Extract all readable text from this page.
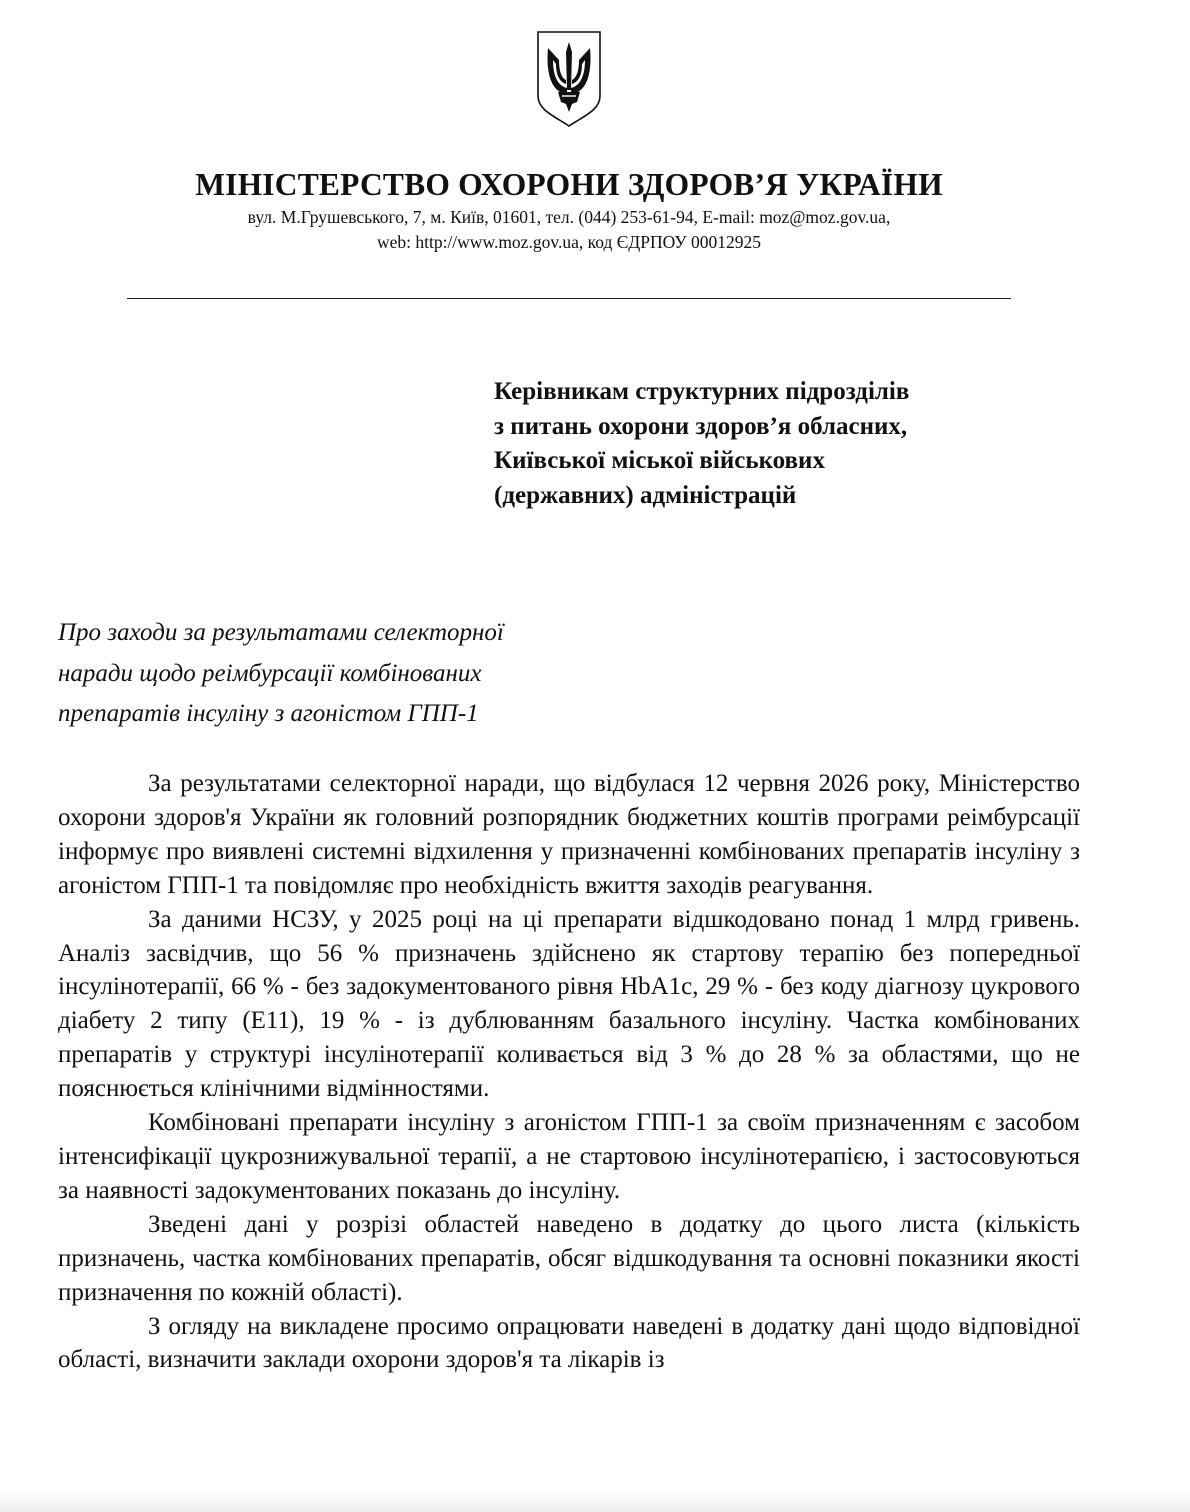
МІНІСТЕРСТВО ОХОРОНИ ЗДОРОВ’Я УКРАЇНИ
вул. М.Грушевського, 7, м. Київ, 01601, тел. (044) 253-61-94, E-mail: moz@moz.gov.ua,
web: http://www.moz.gov.ua, код ЄДРПОУ 00012925
Керівникам структурних підрозділів
з питань охорони здоров’я обласних,
Київської міської військових
(державних) адміністрацій
Про заходи за результатами селекторної
наради щодо реімбурсації комбінованих
препаратів інсуліну з агоністом ГПП-1

За результатами селекторної наради, що відбулася 12 червня 2026 року, Міністерство охорони здоров'я України як головний розпорядник бюджетних коштів програми реімбурсації інформує про виявлені системні відхилення у призначенні комбінованих препаратів інсуліну з агоністом ГПП-1 та повідомляє про необхідність вжиття заходів реагування.

За даними НСЗУ, у 2025 році на ці препарати відшкодовано понад 1 млрд гривень. Аналіз засвідчив, що 56 % призначень здійснено як стартову терапію без попередньої інсулінотерапії, 66 % - без задокументованого рівня HbA1c, 29 % - без коду діагнозу цукрового діабету 2 типу (E11), 19 % - із дублюванням базального інсуліну. Частка комбінованих препаратів у структурі інсулінотерапії коливається від 3 % до 28 % за областями, що не пояснюється клінічними відмінностями.

Комбіновані препарати інсуліну з агоністом ГПП-1 за своїм призначенням є засобом інтенсифікації цукрознижувальної терапії, а не стартовою інсулінотерапією, і застосовуються за наявності задокументованих показань до інсуліну.

Зведені дані у розрізі областей наведено в додатку до цього листа (кількість призначень, частка комбінованих препаратів, обсяг відшкодування та основні показники якості призначення по кожній області).

З огляду на викладене просимо опрацювати наведені в додатку дані щодо відповідної області, визначити заклади охорони здоров'я та лікарів із
